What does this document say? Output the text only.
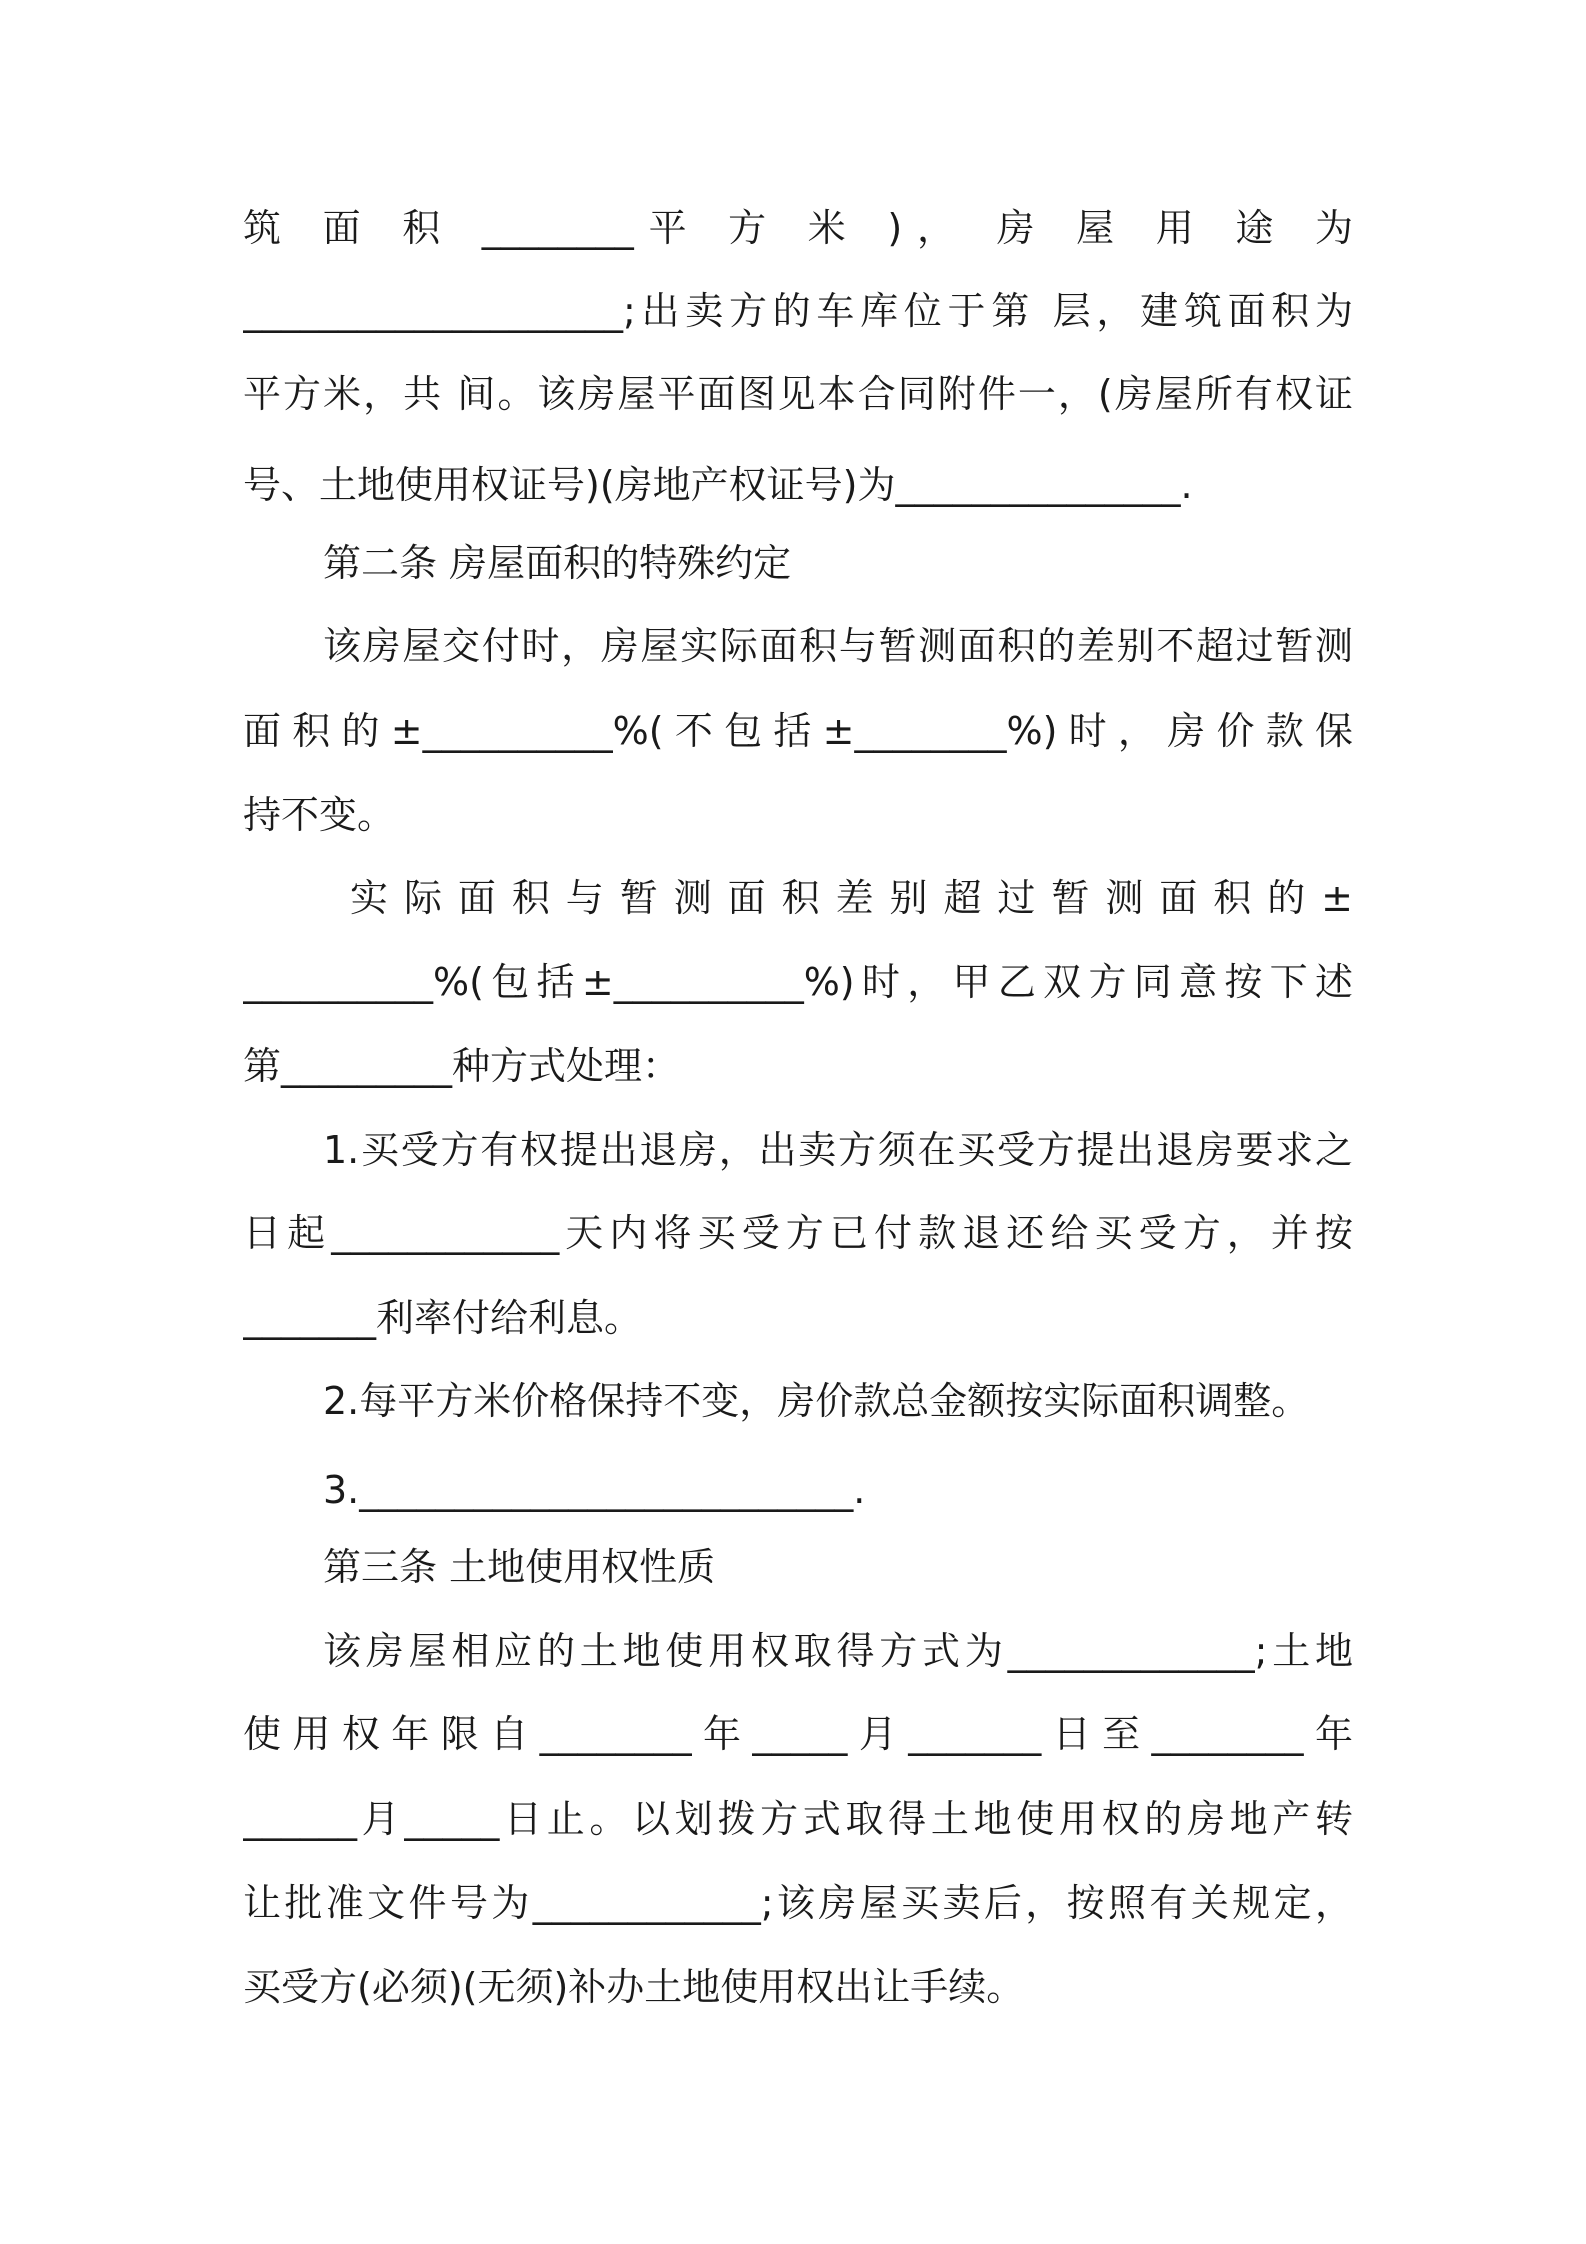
筑 面 积 ________平 方 米 )， 房 屋 用 途 为
____________________;出卖方的车库位于第 层，建筑面积为
平方米，共 间。该房屋平面图见本合同附件一，(房屋所有权证
号、土地使用权证号)(房地产权证号)为_______________.
第二条 房屋面积的特殊约定
该房屋交付时，房屋实际面积与暂测面积的差别不超过暂测
面积的±__________%(不包括±________%)时，房价款保
持不变。
实 际 面 积 与 暂 测 面 积 差 别 超 过 暂 测 面 积 的 ±
__________%(包括±__________%)时，甲乙双方同意按下述
第_________种方式处理：
1.买受方有权提出退房，出卖方须在买受方提出退房要求之
日起____________天内将买受方已付款退还给买受方，并按
_______利率付给利息。
2.每平方米价格保持不变，房价款总金额按实际面积调整。
3.__________________________.
第三条 土地使用权性质
该房屋相应的土地使用权取得方式为_____________;土地
使用权年限自________年_____月_______日至________年
______月_____日止。以划拨方式取得土地使用权的房地产转
让批准文件号为____________;该房屋买卖后，按照有关规定，
买受方(必须)(无须)补办土地使用权出让手续。
